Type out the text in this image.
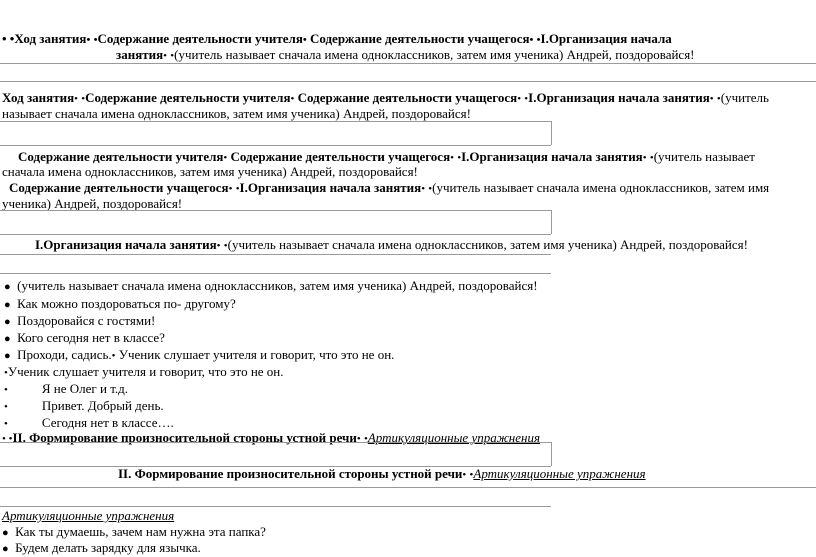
• •Ход занятия• •Содержание деятельности учителя• Содержание деятельности учащегося• •I.Организация начала
занятия• •(учитель называет сначала имена одноклассников, затем имя ученика) Андрей, поздоровайся!
Ход занятия• •Содержание деятельности учителя• Содержание деятельности учащегося• •I.Организация начала занятия• •(учитель
называет сначала имена одноклассников, затем имя ученика) Андрей, поздоровайся!
Содержание деятельности учителя• Содержание деятельности учащегося• •I.Организация начала занятия• •(учитель называет
сначала имена одноклассников, затем имя ученика) Андрей, поздоровайся!
Содержание деятельности учащегося• •I.Организация начала занятия• •(учитель называет сначала имена одноклассников, затем имя
ученика) Андрей, поздоровайся!
I.Организация начала занятия• •(учитель называет сначала имена одноклассников, затем имя ученика) Андрей, поздоровайся!
● (учитель называет сначала имена одноклассников, затем имя ученика) Андрей, поздоровайся!
● Как можно поздороваться по- другому?
● Поздоровайся с гостями!
● Кого сегодня нет в классе?
● Проходи, садись.• Ученик слушает учителя и говорит, что это не он.
•Ученик слушает учителя и говорит, что это не он.
•	Я не Олег и т.д.
•	Привет. Добрый день.
•	Сегодня нет в классе….
• •II. Формирование произносительной стороны устной речи• •Артикуляционные упражнения
II. Формирование произносительной стороны устной речи• •Артикуляционные упражнения
Артикуляционные упражнения
● Как ты думаешь, зачем нам нужна эта папка?
● Будем делать зарядку для язычка.
